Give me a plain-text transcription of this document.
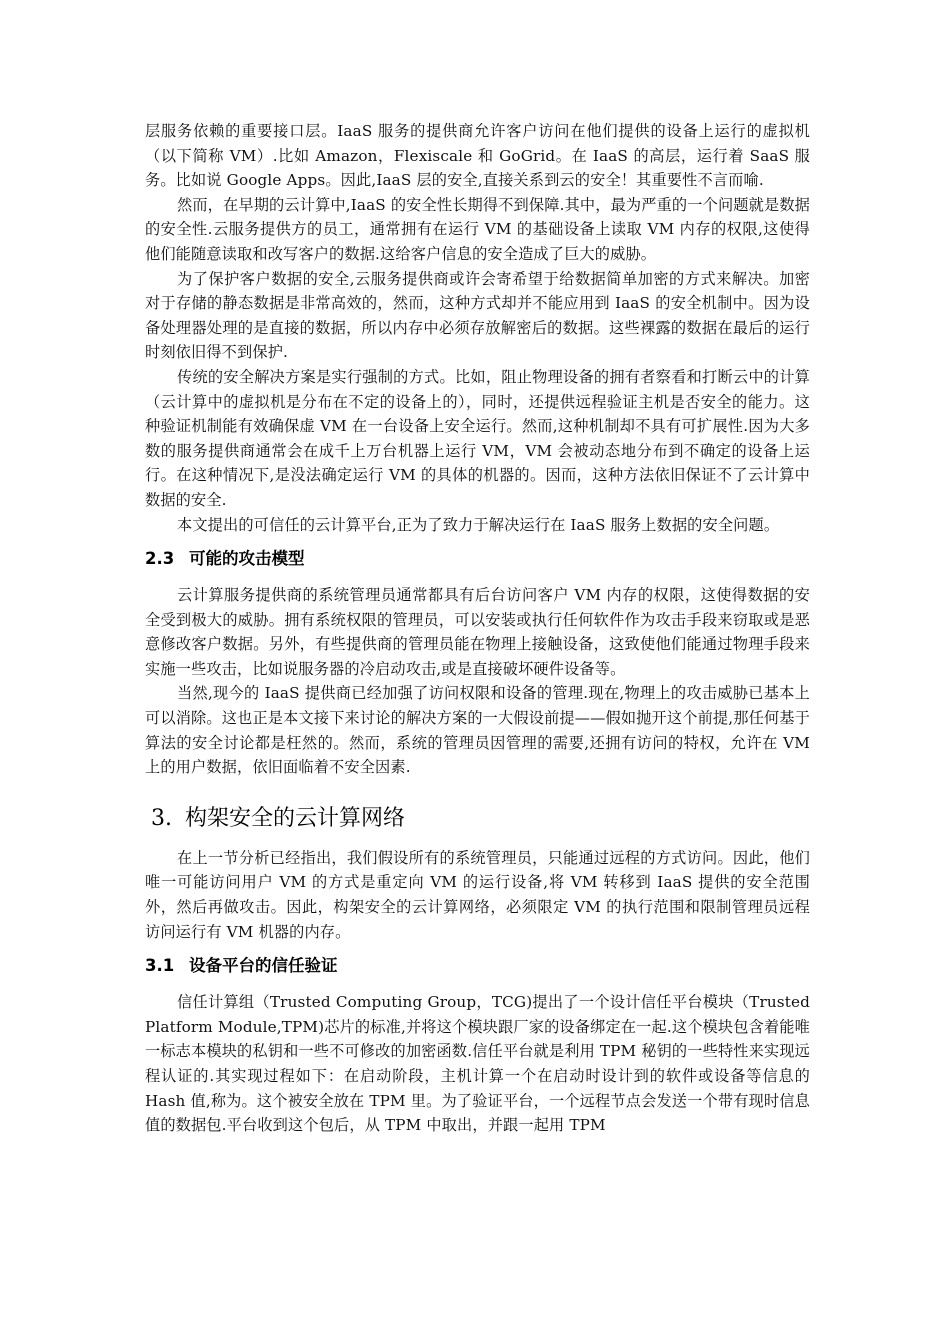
层服务依赖的重要接口层。IaaS 服务的提供商允许客户访问在他们提供的设备上运行的虚拟机（以下简称 VM）.比如 Amazon，Flexiscale 和 GoGrid。在 IaaS 的高层，运行着 SaaS 服务。比如说 Google Apps。因此,IaaS 层的安全,直接关系到云的安全！其重要性不言而喻.

然而，在早期的云计算中,IaaS 的安全性长期得不到保障.其中，最为严重的一个问题就是数据的安全性.云服务提供方的员工，通常拥有在运行 VM 的基础设备上读取 VM 内存的权限,这使得他们能随意读取和改写客户的数据.这给客户信息的安全造成了巨大的威胁。

为了保护客户数据的安全,云服务提供商或许会寄希望于给数据简单加密的方式来解决。加密对于存储的静态数据是非常高效的，然而，这种方式却并不能应用到 IaaS 的安全机制中。因为设备处理器处理的是直接的数据，所以内存中必须存放解密后的数据。这些裸露的数据在最后的运行时刻依旧得不到保护.

传统的安全解决方案是实行强制的方式。比如，阻止物理设备的拥有者察看和打断云中的计算（云计算中的虚拟机是分布在不定的设备上的），同时，还提供远程验证主机是否安全的能力。这种验证机制能有效确保虚 VM 在一台设备上安全运行。然而,这种机制却不具有可扩展性.因为大多数的服务提供商通常会在成千上万台机器上运行 VM，VM 会被动态地分布到不确定的设备上运行。在这种情况下,是没法确定运行 VM 的具体的机器的。因而，这种方法依旧保证不了云计算中数据的安全.

本文提出的可信任的云计算平台,正为了致力于解决运行在 IaaS 服务上数据的安全问题。

2.3 可能的攻击模型

云计算服务提供商的系统管理员通常都具有后台访问客户 VM 内存的权限，这使得数据的安全受到极大的威胁。拥有系统权限的管理员，可以安装或执行任何软件作为攻击手段来窃取或是恶意修改客户数据。另外，有些提供商的管理员能在物理上接触设备，这致使他们能通过物理手段来实施一些攻击，比如说服务器的冷启动攻击,或是直接破坏硬件设备等。

当然,现今的 IaaS 提供商已经加强了访问权限和设备的管理.现在,物理上的攻击威胁已基本上可以消除。这也正是本文接下来讨论的解决方案的一大假设前提——假如抛开这个前提,那任何基于算法的安全讨论都是枉然的。然而，系统的管理员因管理的需要,还拥有访问的特权，允许在 VM 上的用户数据，依旧面临着不安全因素.

3. 构架安全的云计算网络

在上一节分析已经指出，我们假设所有的系统管理员，只能通过远程的方式访问。因此，他们唯一可能访问用户 VM 的方式是重定向 VM 的运行设备,将 VM 转移到 IaaS 提供的安全范围外，然后再做攻击。因此，构架安全的云计算网络，必须限定 VM 的执行范围和限制管理员远程访问运行有 VM 机器的内存。

3.1 设备平台的信任验证

信任计算组（Trusted Computing Group，TCG)提出了一个设计信任平台模块（Trusted Platform Module,TPM)芯片的标准,并将这个模块跟厂家的设备绑定在一起.这个模块包含着能唯一标志本模块的私钥和一些不可修改的加密函数.信任平台就是利用 TPM 秘钥的一些特性来实现远程认证的.其实现过程如下：在启动阶段，主机计算一个在启动时设计到的软件或设备等信息的 Hash 值,称为。这个被安全放在 TPM 里。为了验证平台，一个远程节点会发送一个带有现时信息值的数据包.平台收到这个包后，从 TPM 中取出，并跟一起用 TPM
